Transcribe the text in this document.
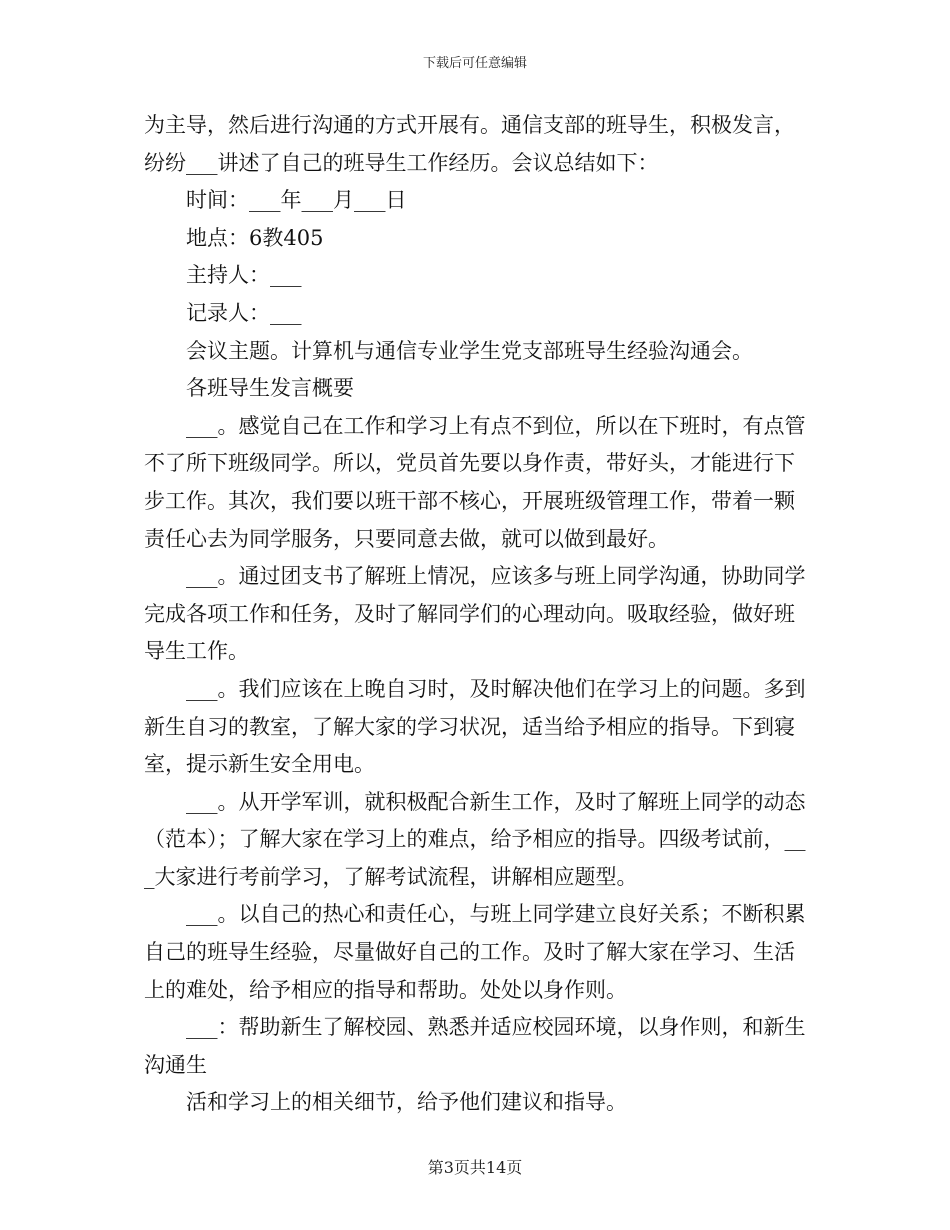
下载后可任意编辑

为主导，然后进行沟通的方式开展有。通信支部的班导生，积极发言，纷纷___讲述了自己的班导生工作经历。会议总结如下：

时间：___年___月___日

地点：6教405

主持人：___

记录人：___

会议主题。计算机与通信专业学生党支部班导生经验沟通会。

各班导生发言概要

___。感觉自己在工作和学习上有点不到位，所以在下班时，有点管不了所下班级同学。所以，党员首先要以身作责，带好头，才能进行下步工作。其次，我们要以班干部不核心，开展班级管理工作，带着一颗责任心去为同学服务，只要同意去做，就可以做到最好。

___。通过团支书了解班上情况，应该多与班上同学沟通，协助同学完成各项工作和任务，及时了解同学们的心理动向。吸取经验，做好班导生工作。

___。我们应该在上晚自习时，及时解决他们在学习上的问题。多到新生自习的教室，了解大家的学习状况，适当给予相应的指导。下到寝室，提示新生安全用电。

___。从开学军训，就积极配合新生工作，及时了解班上同学的动态（范本）；了解大家在学习上的难点，给予相应的指导。四级考试前，___大家进行考前学习，了解考试流程，讲解相应题型。

___。以自己的热心和责任心，与班上同学建立良好关系；不断积累自己的班导生经验，尽量做好自己的工作。及时了解大家在学习、生活上的难处，给予相应的指导和帮助。处处以身作则。

___：帮助新生了解校园、熟悉并适应校园环境，以身作则，和新生沟通生

活和学习上的相关细节，给予他们建议和指导。

第3页共14页
